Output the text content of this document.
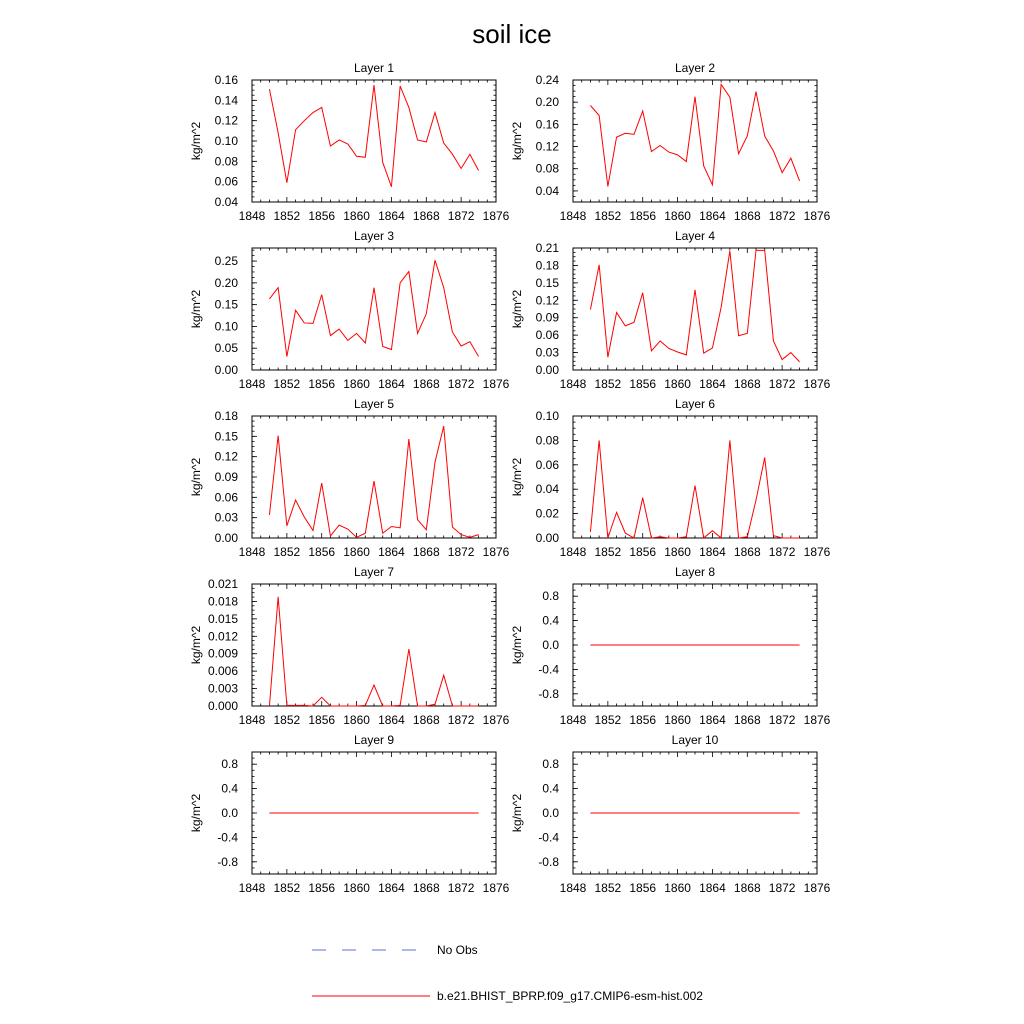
soil ice
Layer 1
1848 1852 1856 1860 1864 1868 1872 1876
0.04
0.06
0.08
0.10
0.12
0.14
0.16
kg/m^2
Layer 2
1848 1852 1856 1860 1864 1868 1872 1876
0.04
0.08
0.12
0.16
0.20
0.24
kg/m^2
Layer 3
1848 1852 1856 1860 1864 1868 1872 1876
0.00
0.05
0.10
0.15
0.20
0.25
kg/m^2
Layer 4
1848 1852 1856 1860 1864 1868 1872 1876
0.00
0.03
0.06
0.09
0.12
0.15
0.18
0.21
kg/m^2
Layer 5
1848 1852 1856 1860 1864 1868 1872 1876
0.00
0.03
0.06
0.09
0.12
0.15
0.18
kg/m^2
Layer 6
1848 1852 1856 1860 1864 1868 1872 1876
0.00
0.02
0.04
0.06
0.08
0.10
kg/m^2
Layer 7
1848 1852 1856 1860 1864 1868 1872 1876
0.000
0.003
0.006
0.009
0.012
0.015
0.018
0.021
kg/m^2
Layer 8
1848 1852 1856 1860 1864 1868 1872 1876
-0.8
-0.4
0.0
0.4
0.8
kg/m^2
Layer 9
1848 1852 1856 1860 1864 1868 1872 1876
-0.8
-0.4
0.0
0.4
0.8
kg/m^2
Layer 10
1848 1852 1856 1860 1864 1868 1872 1876
-0.8
-0.4
0.0
0.4
0.8
kg/m^2
No Obs
b.e21.BHIST_BPRP.f09_g17.CMIP6-esm-hist.002
